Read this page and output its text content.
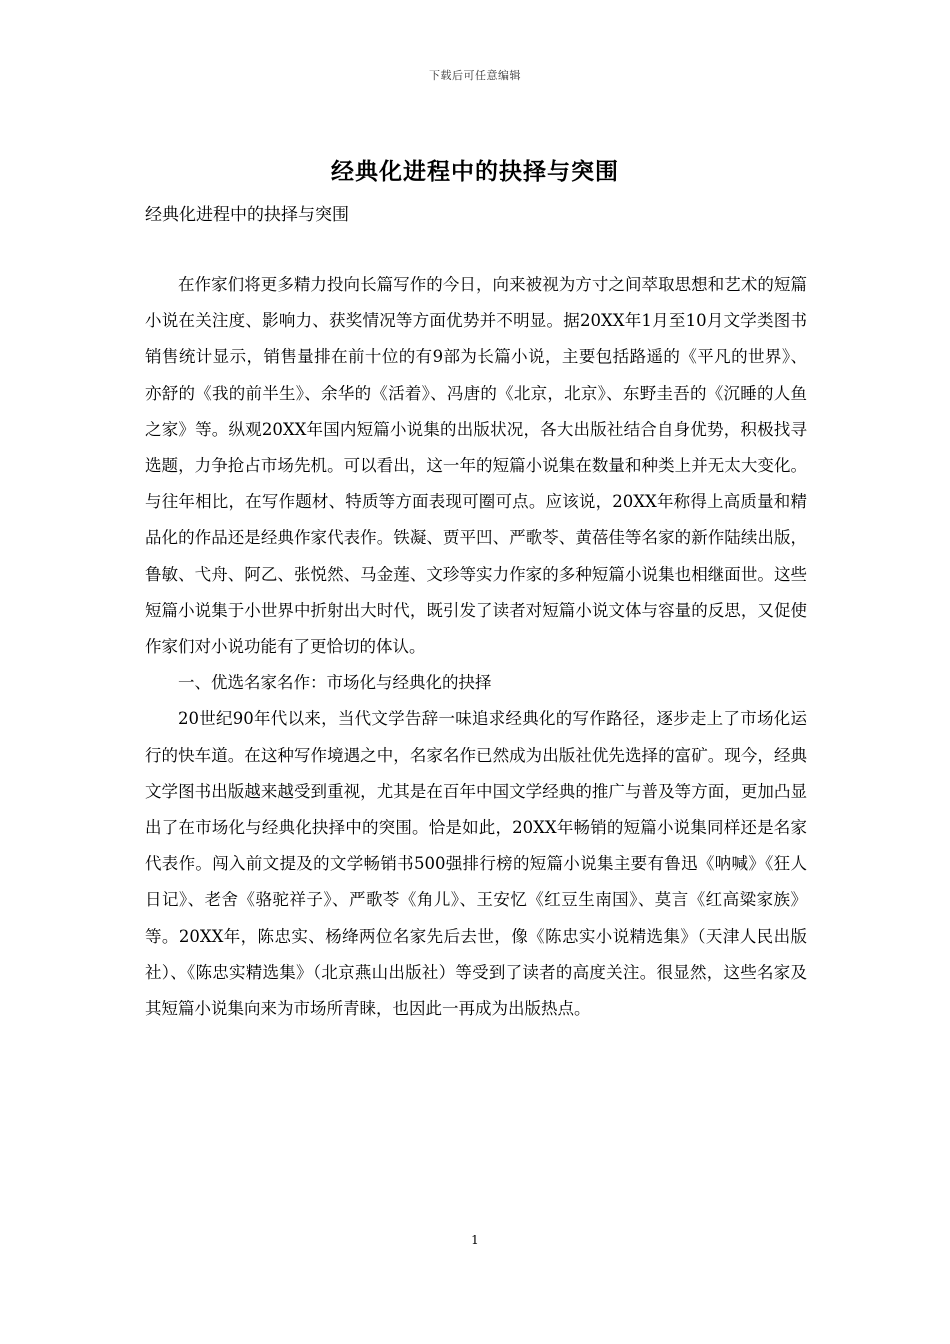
下载后可任意编辑
经典化进程中的抉择与突围
经典化进程中的抉择与突围

在作家们将更多精力投向长篇写作的今日，向来被视为方寸之间萃取思想和艺术的短篇小说在关注度、影响力、获奖情况等方面优势并不明显。据20XX年1月至10月文学类图书销售统计显示，销售量排在前十位的有9部为长篇小说，主要包括路遥的《平凡的世界》、亦舒的《我的前半生》、余华的《活着》、冯唐的《北京，北京》、东野圭吾的《沉睡的人鱼之家》等。纵观20XX年国内短篇小说集的出版状况，各大出版社结合自身优势，积极找寻选题，力争抢占市场先机。可以看出，这一年的短篇小说集在数量和种类上并无太大变化。与往年相比，在写作题材、特质等方面表现可圈可点。应该说，20XX年称得上高质量和精品化的作品还是经典作家代表作。铁凝、贾平凹、严歌苓、黄蓓佳等名家的新作陆续出版，鲁敏、弋舟、阿乙、张悦然、马金莲、文珍等实力作家的多种短篇小说集也相继面世。这些短篇小说集于小世界中折射出大时代，既引发了读者对短篇小说文体与容量的反思，又促使作家们对小说功能有了更恰切的体认。

一、优选名家名作：市场化与经典化的抉择

20世纪90年代以来，当代文学告辞一味追求经典化的写作路径，逐步走上了市场化运行的快车道。在这种写作境遇之中，名家名作已然成为出版社优先选择的富矿。现今，经典文学图书出版越来越受到重视，尤其是在百年中国文学经典的推广与普及等方面，更加凸显出了在市场化与经典化抉择中的突围。恰是如此，20XX年畅销的短篇小说集同样还是名家代表作。闯入前文提及的文学畅销书500强排行榜的短篇小说集主要有鲁迅《呐喊》《狂人日记》、老舍《骆驼祥子》、严歌苓《角儿》、王安忆《红豆生南国》、莫言《红高粱家族》等。20XX年，陈忠实、杨绛两位名家先后去世，像《陈忠实小说精选集》（天津人民出版社）、《陈忠实精选集》（北京燕山出版社）等受到了读者的高度关注。很显然，这些名家及其短篇小说集向来为市场所青睐，也因此一再成为出版热点。

1
